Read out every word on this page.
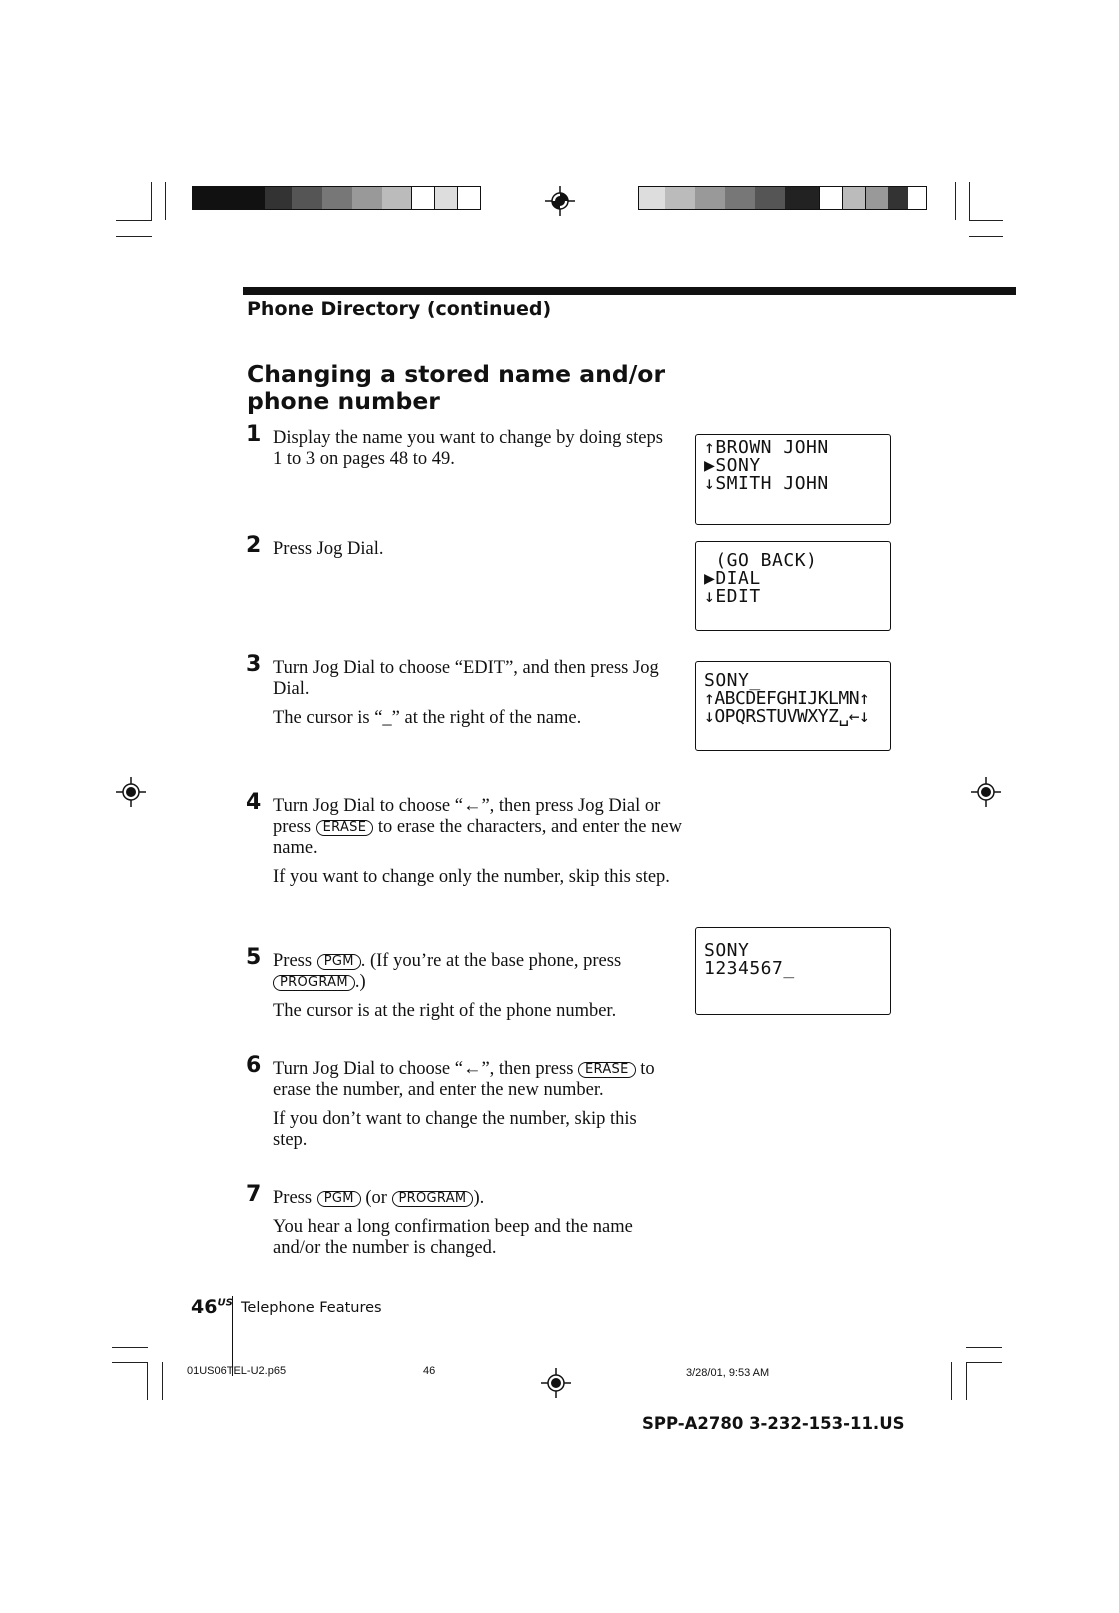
Phone Directory (continued)
Changing a stored name and/or phone number
1 Display the name you want to change by doing steps 1 to 3 on pages 48 to 49.

2 Press Jog Dial.

3 Turn Jog Dial to choose “EDIT”, and then press Jog Dial.

The cursor is “_” at the right of the name.

4 Turn Jog Dial to choose “←”, then press Jog Dial or press ERASE to erase the characters, and enter the new name.

If you want to change only the number, skip this step.

5 Press PGM . (If you’re at the base phone, press PROGRAM .)

The cursor is at the right of the phone number.

6 Turn Jog Dial to choose “←”, then press ERASE to erase the number, and enter the new number.

If you don’t want to change the number, skip this step.

7 Press PGM (or PROGRAM ).

You hear a long confirmation beep and the name and/or the number is changed.

↑BROWN JOHN
▶SONY
↓SMITH JOHN
(GO BACK)
▶DIAL
↓EDIT
SONY_
↑ABCDEFGHIJKLMN↑
↓OPQRSTUVWXYZ␣←↓
SONY
1234567_
$46^{US}$ Telephone Features
01US06TEL-U2.p65	46	3/28/01, 9:53 AM
SPP-A2780 3-232-153-11.US
